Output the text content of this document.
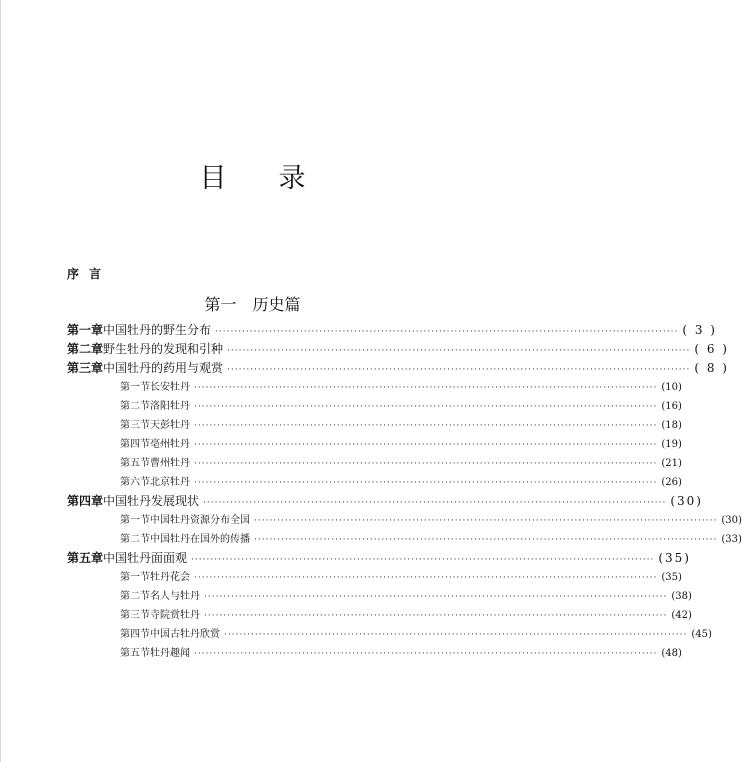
目录
序言
第一　历史篇
第一章 中国牡丹的野生分布 ························································································································ ( 3 )
第二章 野生牡丹的发现和引种 ························································································································ ( 6 )
第三章 中国牡丹的药用与观赏 ························································································································ ( 8 )
第一节 长安牡丹 ························································································································ (10)
第二节 洛阳牡丹 ························································································································ (16)
第三节 天彭牡丹 ························································································································ (18)
第四节 亳州牡丹 ························································································································ (19)
第五节 曹州牡丹 ························································································································ (21)
第六节 北京牡丹 ························································································································ (26)
第四章 中国牡丹发展现状 ························································································································ (30)
第一节 中国牡丹资源分布全国 ························································································································ (30)
第二节 中国牡丹在国外的传播 ························································································································ (33)
第五章 中国牡丹面面观 ························································································································ (35)
第一节 牡丹花会 ························································································································ (35)
第二节 名人与牡丹 ························································································································ (38)
第三节 寺院赏牡丹 ························································································································ (42)
第四节 中国古牡丹欣赏 ························································································································ (45)
第五节 牡丹趣闻 ························································································································ (48)
